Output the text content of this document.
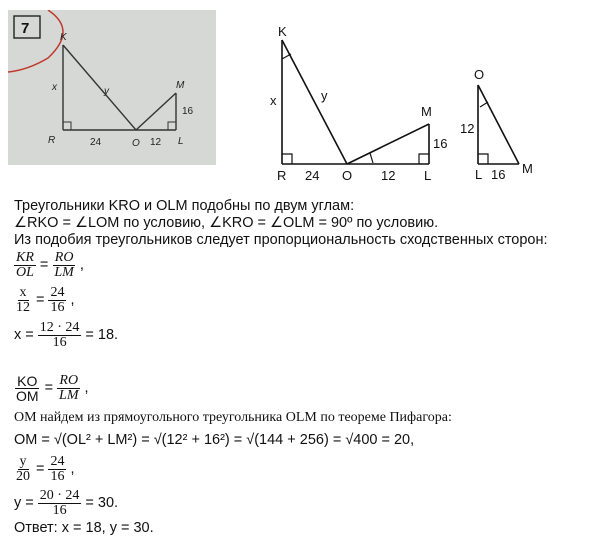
7
K
R	O
M
L
x	y
24	12
16
K
R	O
M
L
x	y
24	12
16
O
L	M
12
16
Треугольники KRO и OLM подобны по двум углам:
∠RKO = ∠LOM по условию, ∠KRO = ∠OLM = 90º по условию.
Из подобия треугольников следует пропорциональность сходственных сторон:
$\frac{KR}{OL} = \frac{RO}{LM}$ ,
$\frac{x}{12} = \frac{24}{16}$ ,
$x = \frac{12 \cdot 24}{16} = 18$.
$\frac{KO}{OM} = \frac{RO}{LM}$ ,
OM найдем из прямоугольного треугольника OLM по теореме Пифагора:
OM = √(OL² + LM²) = √(12² + 16²) = √(144 + 256) = √400 = 20,
$\frac{y}{20} = \frac{24}{16}$ ,
$y = \frac{20 \cdot 24}{16} = 30$.
Ответ: x = 18, y = 30.
